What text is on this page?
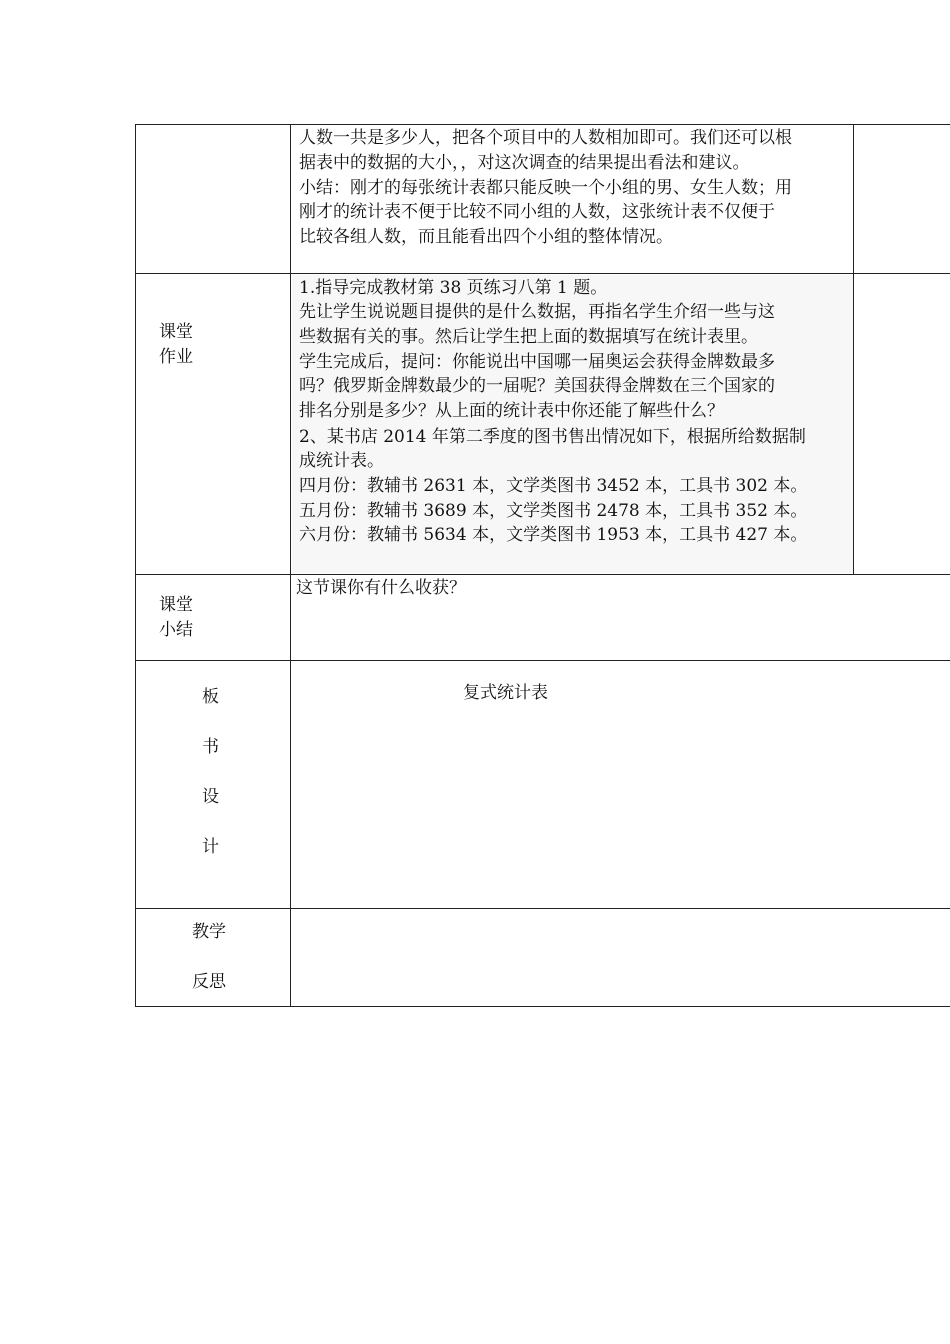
人数一共是多少人，把各个项目中的人数相加即可。我们还可以根
据表中的数据的大小，，对这次调查的结果提出看法和建议。
小结：刚才的每张统计表都只能反映一个小组的男、女生人数；用
刚才的统计表不便于比较不同小组的人数，这张统计表不仅便于
比较各组人数，而且能看出四个小组的整体情况。
课堂
作业
1.指导完成教材第 38 页练习八第 1 题。
先让学生说说题目提供的是什么数据，再指名学生介绍一些与这
些数据有关的事。然后让学生把上面的数据填写在统计表里。
学生完成后，提问：你能说出中国哪一届奥运会获得金牌数最多
吗？俄罗斯金牌数最少的一届呢？美国获得金牌数在三个国家的
排名分别是多少？从上面的统计表中你还能了解些什么？
2、某书店 2014 年第二季度的图书售出情况如下，根据所给数据制
成统计表。
四月份：教辅书 2631 本，文学类图书 3452 本，工具书 302 本。
五月份：教辅书 3689 本，文学类图书 2478 本，工具书 352 本。
六月份：教辅书 5634 本，文学类图书 1953 本，工具书 427 本。
课堂
小结
这节课你有什么收获？
板
书
设
计
复式统计表
教学
反思
